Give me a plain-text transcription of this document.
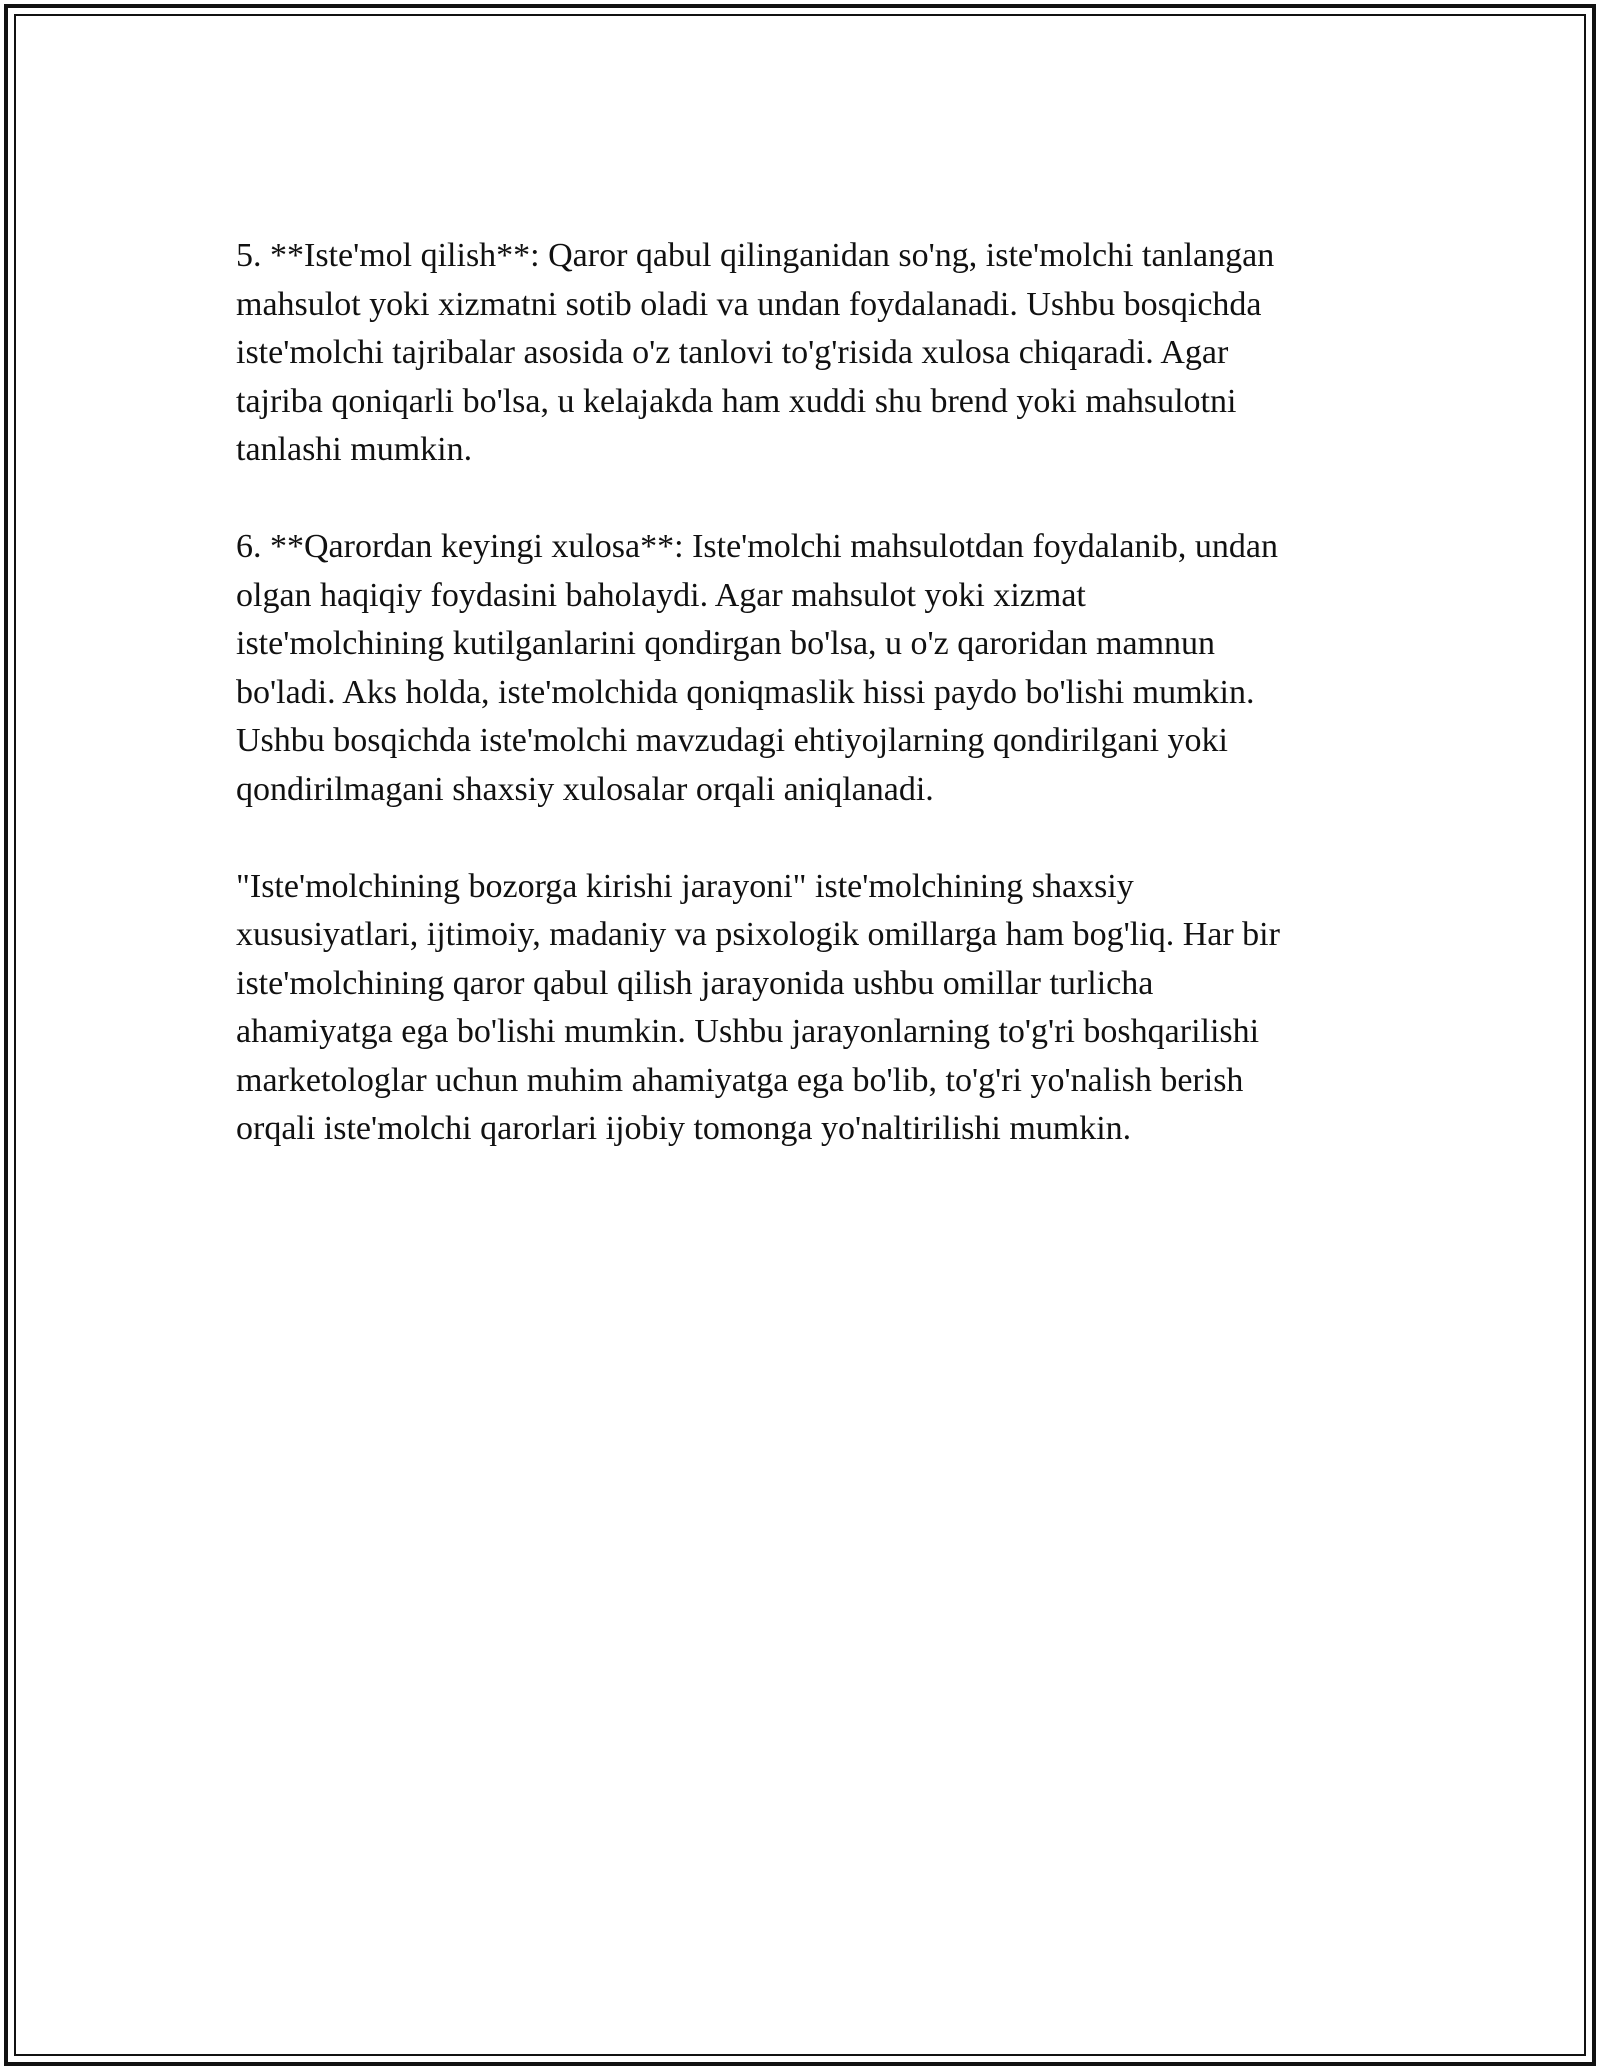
5. **Iste'mol qilish**: Qaror qabul qilinganidan so'ng, iste'molchi tanlangan
mahsulot yoki xizmatni sotib oladi va undan foydalanadi. Ushbu bosqichda
iste'molchi tajribalar asosida o'z tanlovi to'g'risida xulosa chiqaradi. Agar
tajriba qoniqarli bo'lsa, u kelajakda ham xuddi shu brend yoki mahsulotni
tanlashi mumkin.

6. **Qarordan keyingi xulosa**: Iste'molchi mahsulotdan foydalanib, undan
olgan haqiqiy foydasini baholaydi. Agar mahsulot yoki xizmat
iste'molchining kutilganlarini qondirgan bo'lsa, u o'z qaroridan mamnun
bo'ladi. Aks holda, iste'molchida qoniqmaslik hissi paydo bo'lishi mumkin.
Ushbu bosqichda iste'molchi mavzudagi ehtiyojlarning qondirilgani yoki
qondirilmagani shaxsiy xulosalar orqali aniqlanadi.

"Iste'molchining bozorga kirishi jarayoni" iste'molchining shaxsiy
xususiyatlari, ijtimoiy, madaniy va psixologik omillarga ham bog'liq. Har bir
iste'molchining qaror qabul qilish jarayonida ushbu omillar turlicha
ahamiyatga ega bo'lishi mumkin. Ushbu jarayonlarning to'g'ri boshqarilishi
marketologlar uchun muhim ahamiyatga ega bo'lib, to'g'ri yo'nalish berish
orqali iste'molchi qarorlari ijobiy tomonga yo'naltirilishi mumkin.
